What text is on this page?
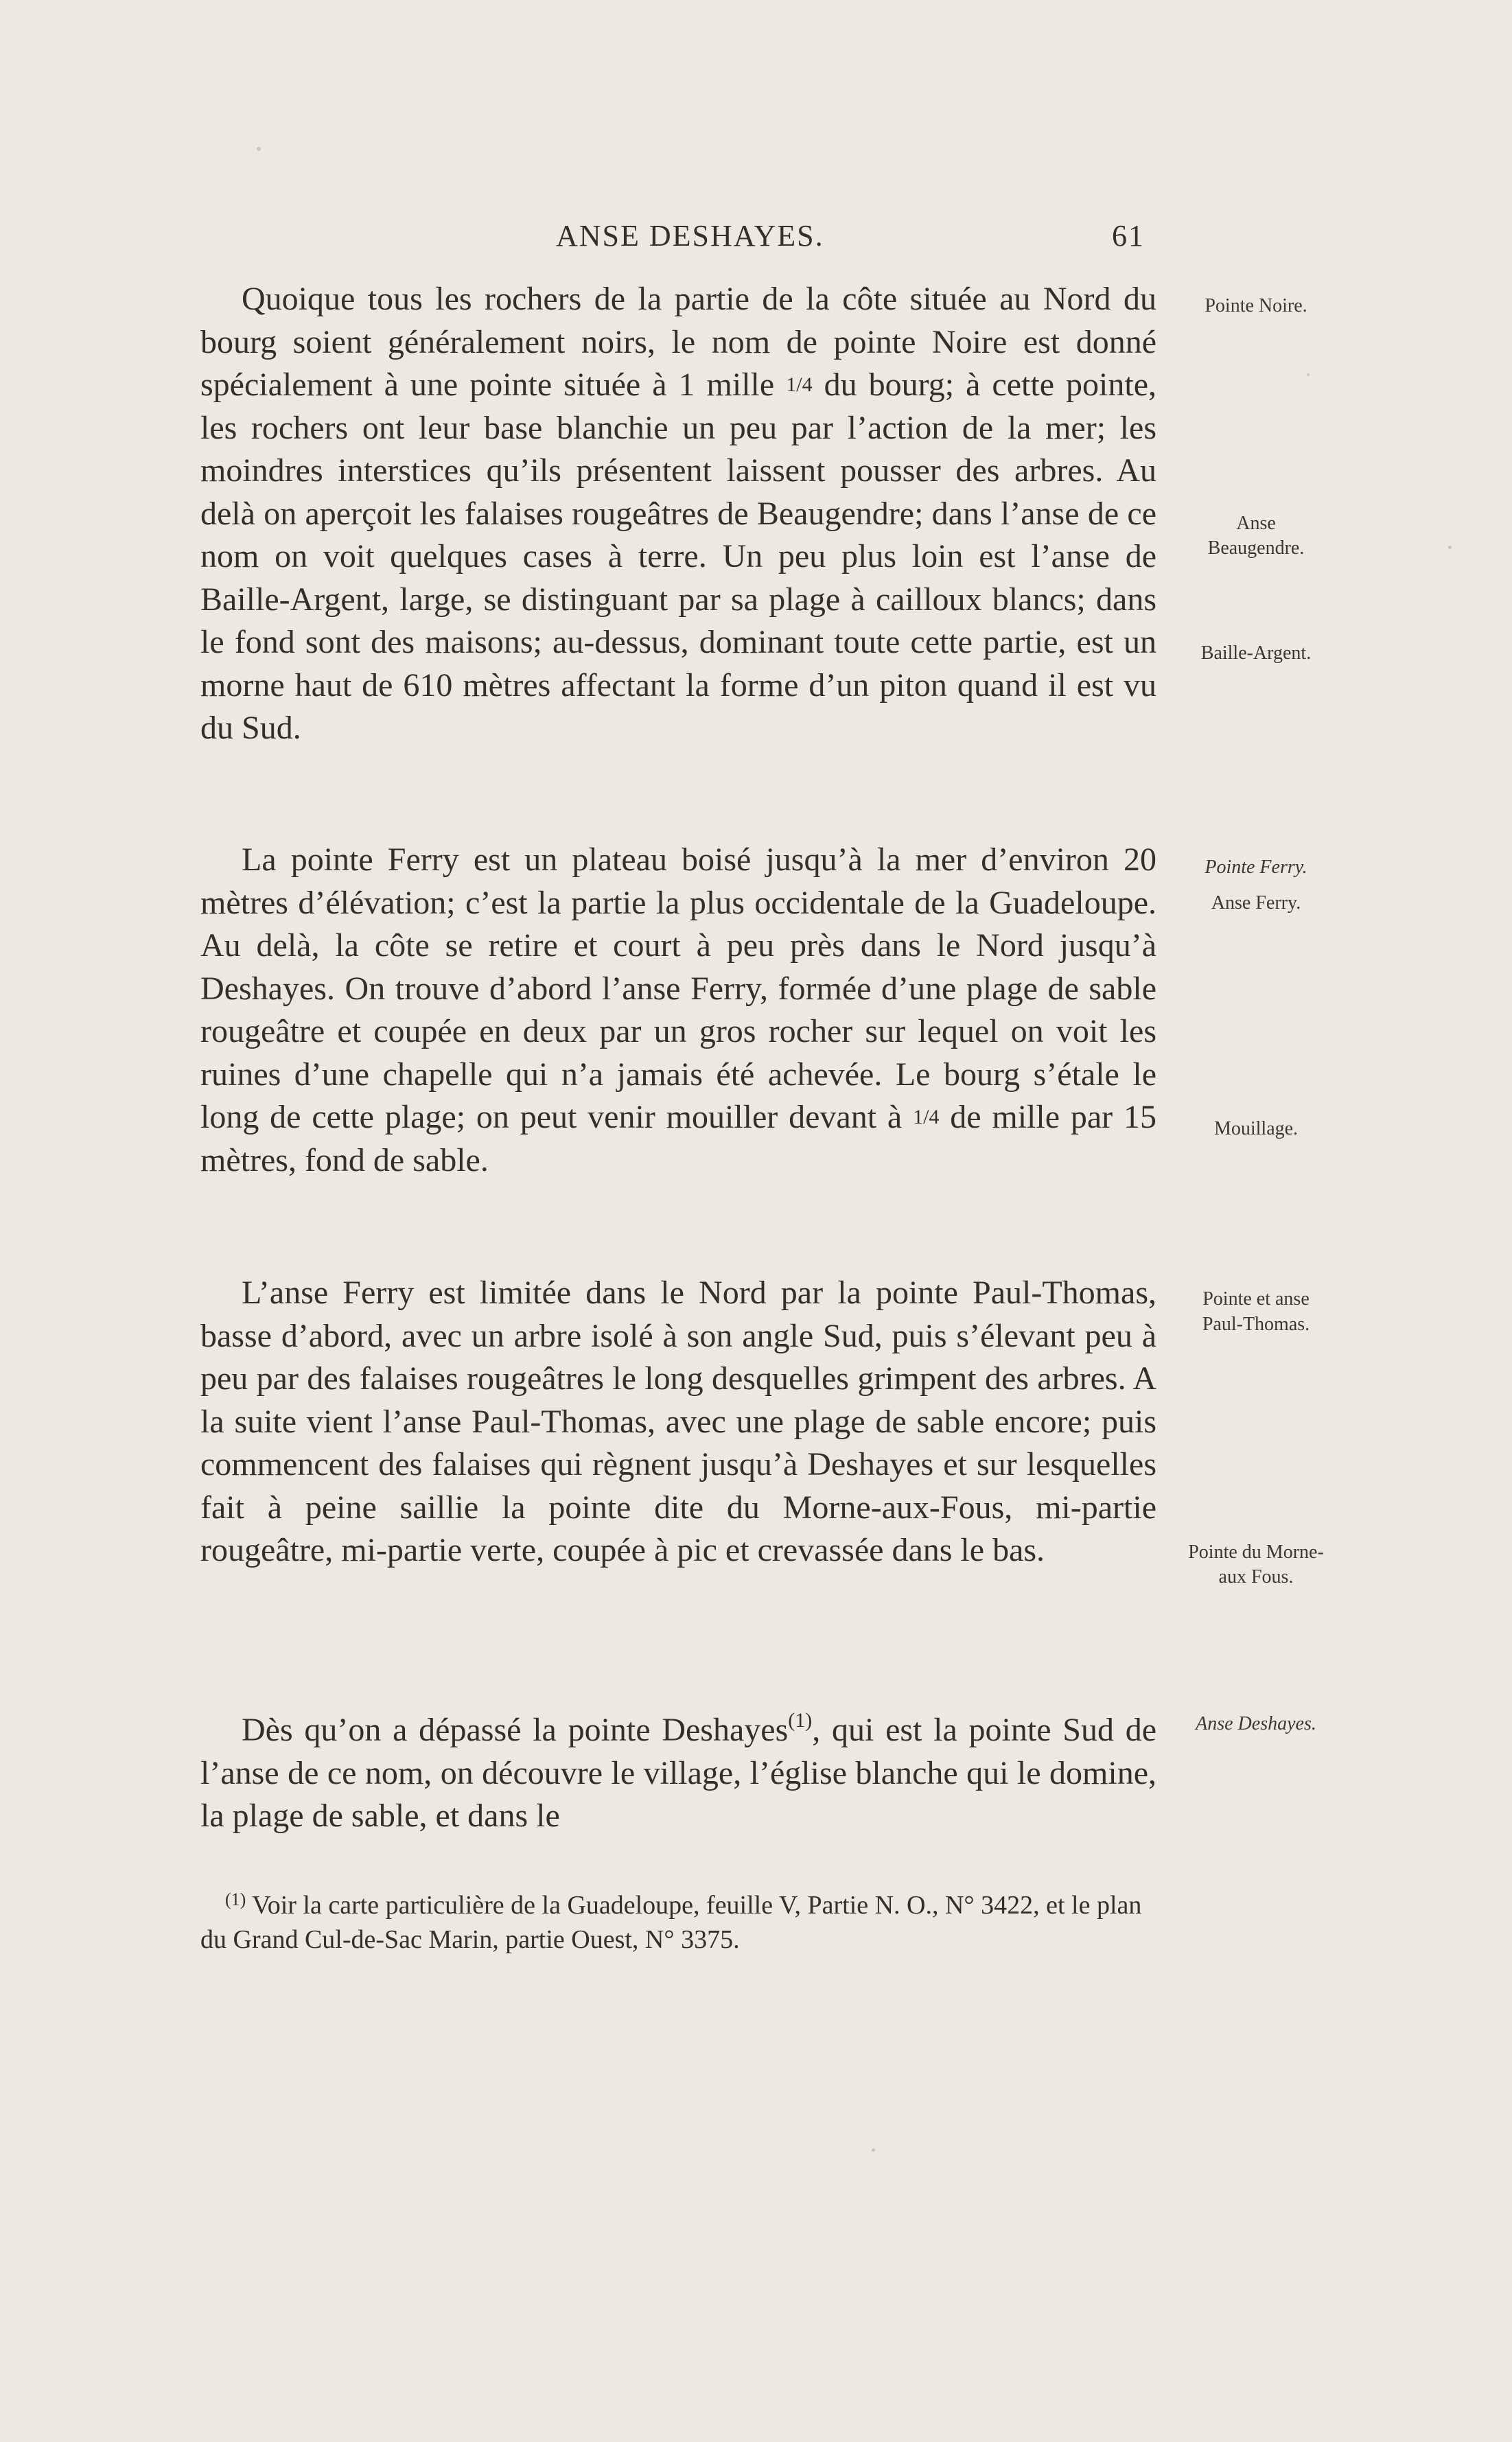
ANSE DESHAYES.	61

Quoique tous les rochers de la partie de la côte située au Nord du bourg soient généralement noirs, le nom de pointe Noire est donné spécialement à une pointe située à 1 mille 1/4 du bourg; à cette pointe, les rochers ont leur base blanchie un peu par l’action de la mer; les moindres interstices qu’ils présentent laissent pousser des arbres. Au delà on aperçoit les falaises rougeâtres de Beaugendre; dans l’anse de ce nom on voit quelques cases à terre. Un peu plus loin est l’anse de Baille-Argent, large, se distinguant par sa plage à cailloux blancs; dans le fond sont des maisons; au-dessus, dominant toute cette partie, est un morne haut de 610 mètres affectant la forme d’un piton quand il est vu du Sud.

La pointe Ferry est un plateau boisé jusqu’à la mer d’environ 20 mètres d’élévation; c’est la partie la plus occidentale de la Guadeloupe. Au delà, la côte se retire et court à peu près dans le Nord jusqu’à Deshayes. On trouve d’abord l’anse Ferry, formée d’une plage de sable rougeâtre et coupée en deux par un gros rocher sur lequel on voit les ruines d’une chapelle qui n’a jamais été achevée. Le bourg s’étale le long de cette plage; on peut venir mouiller devant à 1/4 de mille par 15 mètres, fond de sable.

L’anse Ferry est limitée dans le Nord par la pointe Paul-Thomas, basse d’abord, avec un arbre isolé à son angle Sud, puis s’élevant peu à peu par des falaises rougeâtres le long desquelles grimpent des arbres. A la suite vient l’anse Paul-Thomas, avec une plage de sable encore; puis commencent des falaises qui règnent jusqu’à Deshayes et sur lesquelles fait à peine saillie la pointe dite du Morne-aux-Fous, mi-partie rougeâtre, mi-partie verte, coupée à pic et crevassée dans le bas.

Dès qu’on a dépassé la pointe Deshayes$^{(1)}$, qui est la pointe Sud de l’anse de ce nom, on découvre le village, l’église blanche qui le domine, la plage de sable, et dans le

Pointe Noire.
Anse
Beaugendre.
Baille-Argent.
Pointe Ferry.
Anse Ferry.
Mouillage.
Pointe et anse
Paul-Thomas.
Pointe du Morne-
aux Fous.
Anse Deshayes.

$^{(1)}$ Voir la carte particulière de la Guadeloupe, feuille V, Partie N. O., N° 3422, et le plan du Grand Cul-de-Sac Marin, partie Ouest, N° 3375.
